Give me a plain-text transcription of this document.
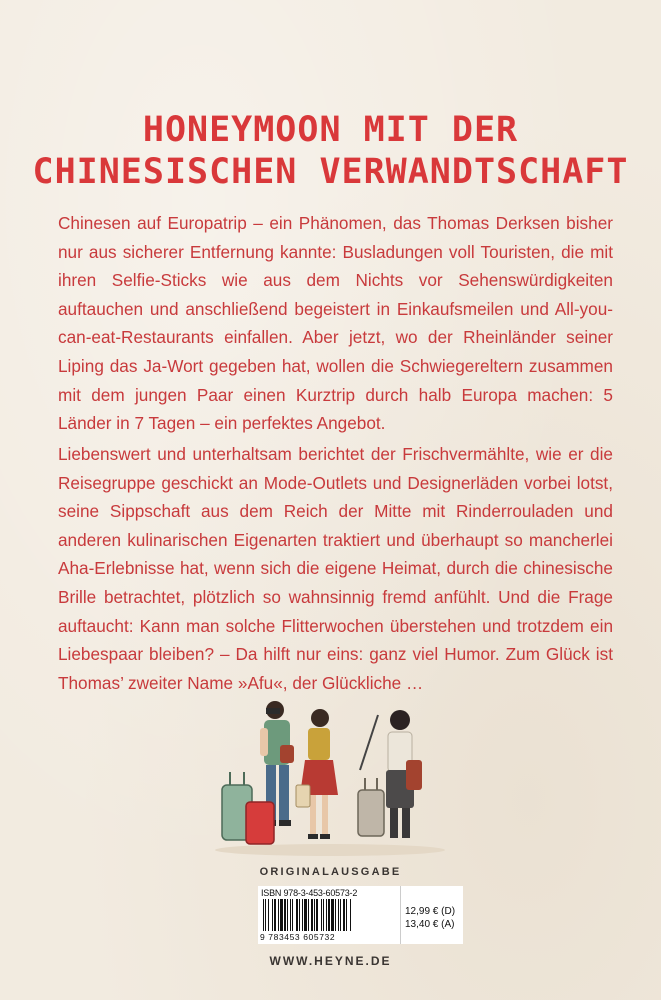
HONEYMOON MIT DER
CHINESISCHEN VERWANDTSCHAFT

Chinesen auf Europatrip – ein Phänomen, das Thomas Derksen bisher nur aus sicherer Entfernung kannte: Busladungen voll Touristen, die mit ihren Selfie-Sticks wie aus dem Nichts vor Sehenswürdigkeiten auftauchen und anschließend begeistert in Einkaufsmeilen und All-you-can-eat-Restaurants einfallen. Aber jetzt, wo der Rheinländer seiner Liping das Ja-Wort gegeben hat, wollen die Schwiegereltern zusammen mit dem jungen Paar einen Kurztrip durch halb Europa machen: 5 Länder in 7 Tagen – ein perfektes Angebot.

Liebenswert und unterhaltsam berichtet der Frischvermählte, wie er die Reisegruppe geschickt an Mode-Outlets und Designerläden vorbei lotst, seine Sippschaft aus dem Reich der Mitte mit Rinderrouladen und anderen kulinarischen Eigenarten traktiert und überhaupt so mancherlei Aha-Erlebnisse hat, wenn sich die eigene Heimat, durch die chinesische Brille betrachtet, plötzlich so wahnsinnig fremd anfühlt. Und die Frage auftaucht: Kann man solche Flitterwochen überstehen und trotzdem ein Liebespaar bleiben? – Da hilft nur eins: ganz viel Humor. Zum Glück ist Thomas’ zweiter Name »Afu«, der Glückliche …

ORIGINALAUSGABE
ISBN 978-3-453-60573-2
9 783453 605732
12,99 € (D)
13,40 € (A)
WWW.HEYNE.DE
